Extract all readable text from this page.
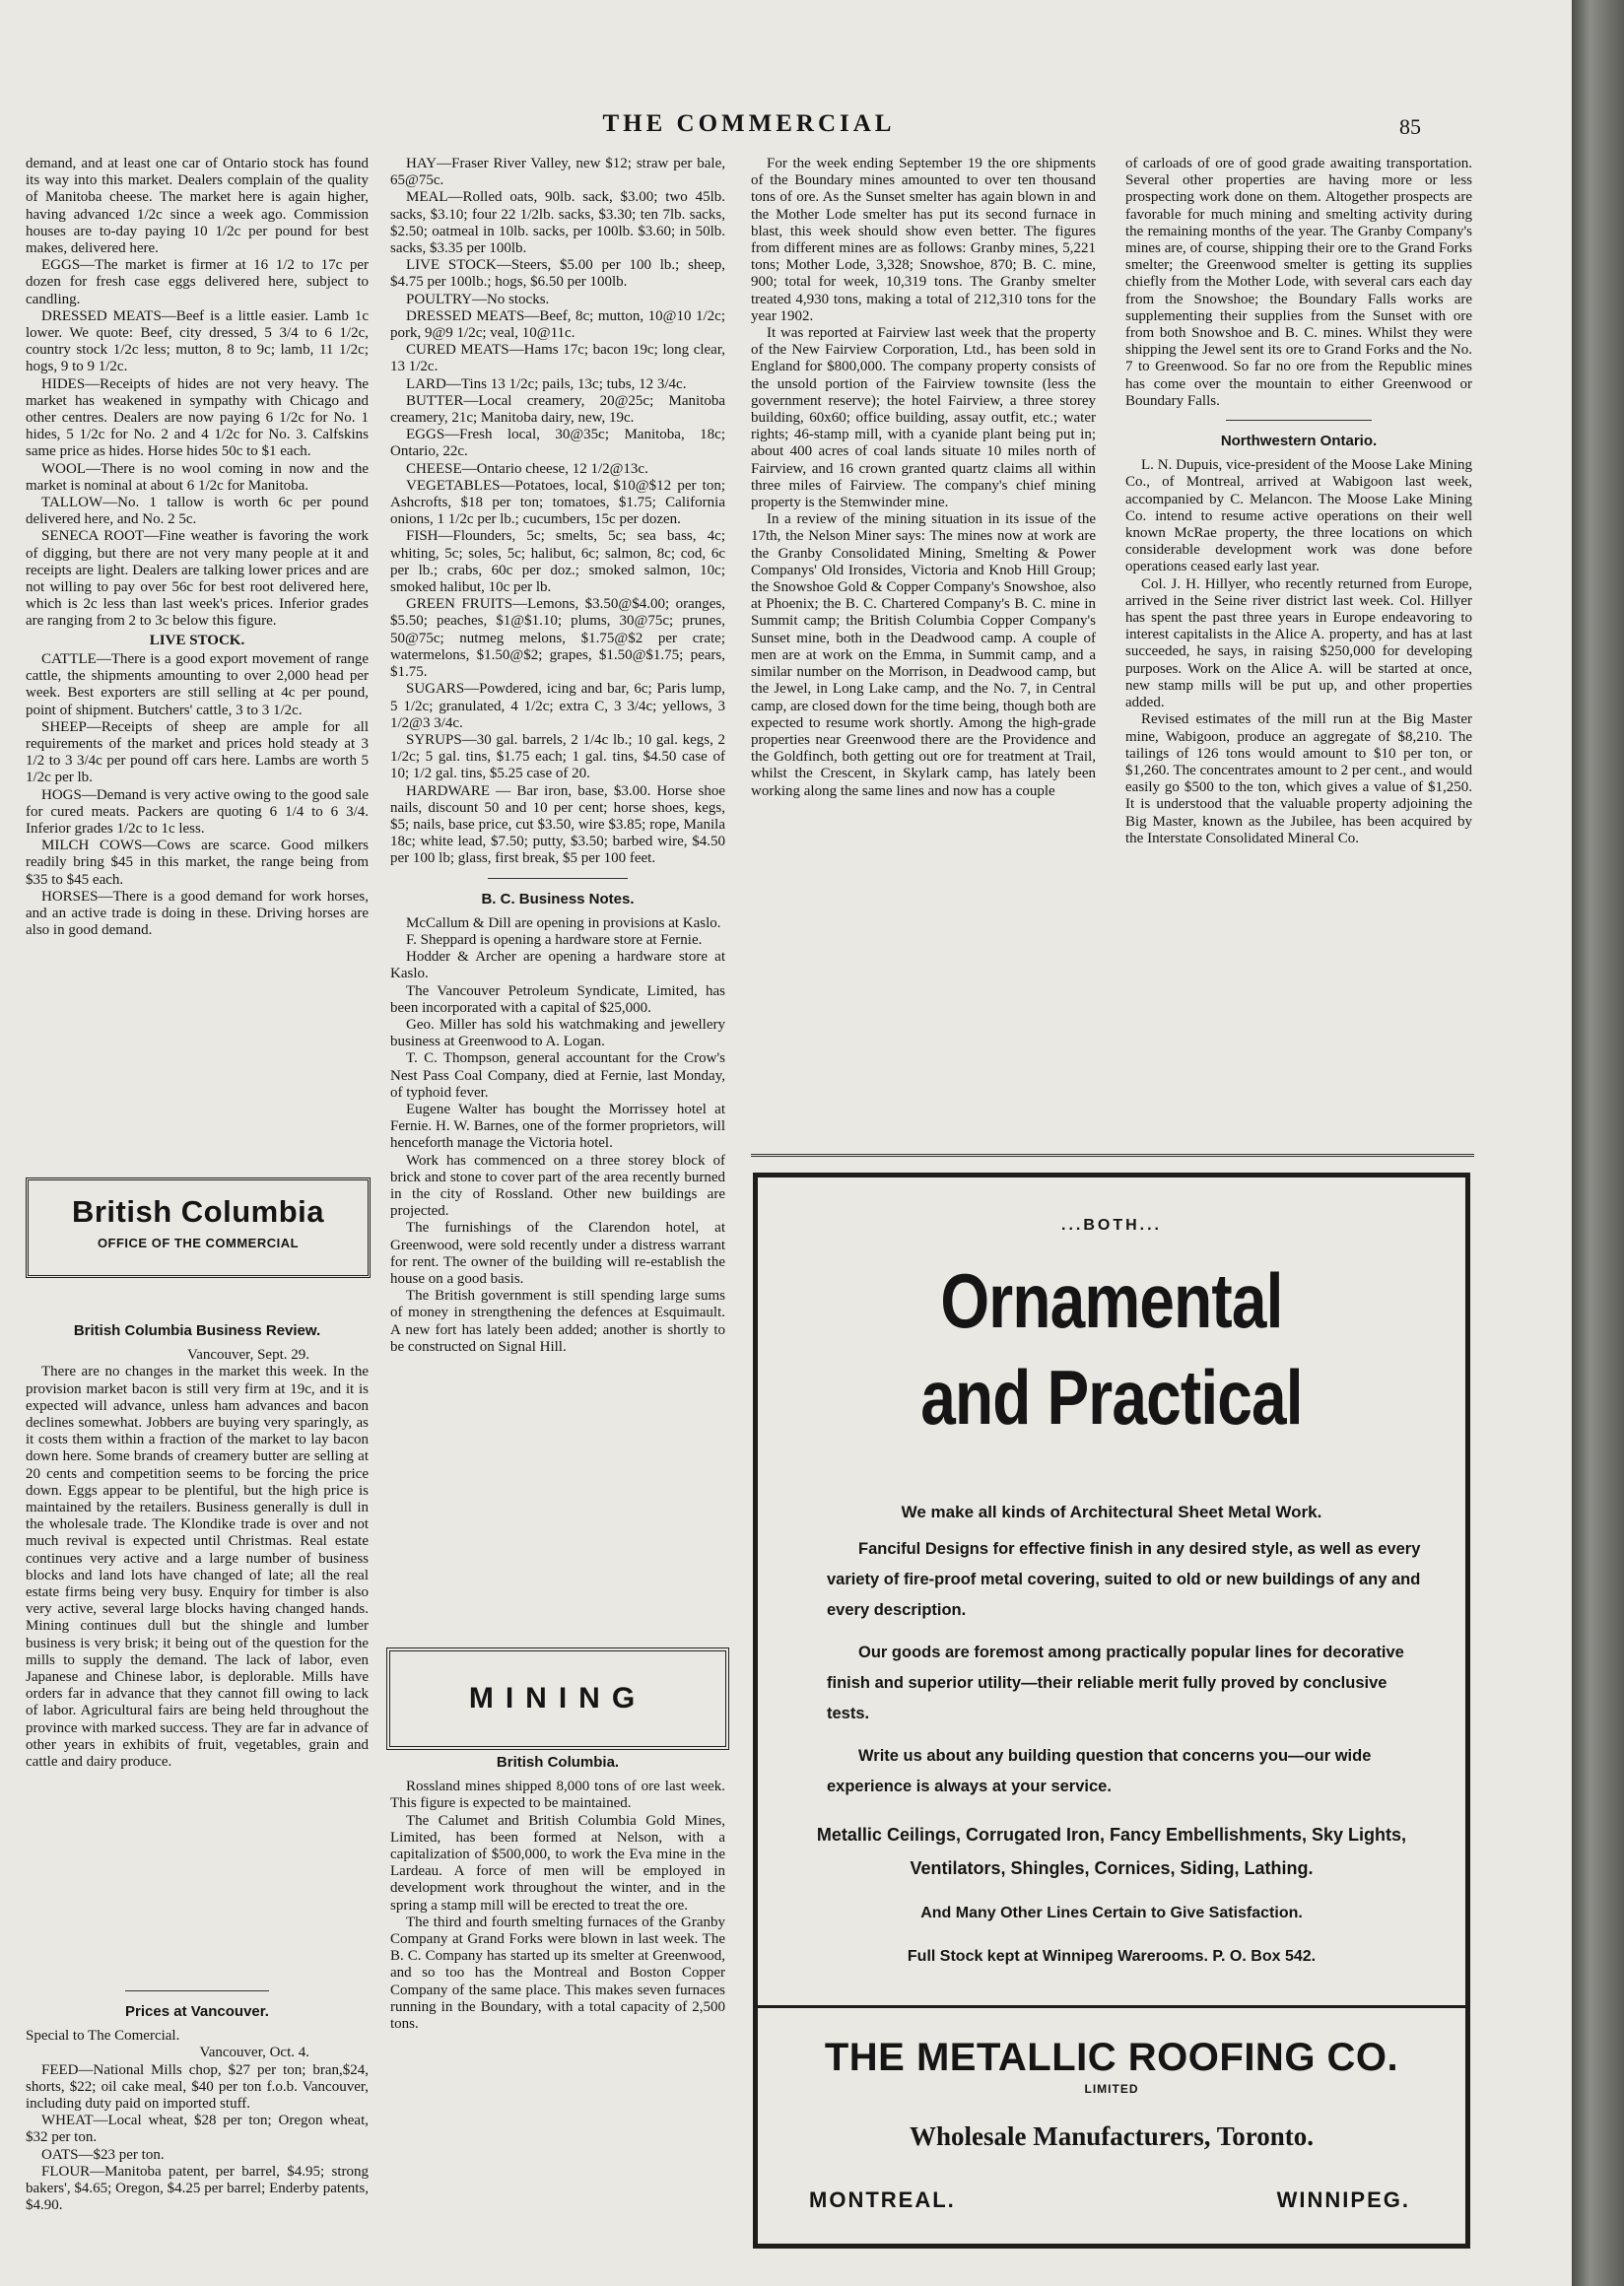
THE COMMERCIAL	85

demand, and at least one car of Ontario stock has found its way into this market. Dealers complain of the quality of Manitoba cheese. The market here is again higher, having advanced 1/2c since a week ago. Commission houses are to-day paying 10 1/2c per pound for best makes, delivered here.

EGGS—The market is firmer at 16 1/2 to 17c per dozen for fresh case eggs delivered here, subject to candling.

DRESSED MEATS—Beef is a little easier. Lamb 1c lower. We quote: Beef, city dressed, 5 3/4 to 6 1/2c, country stock 1/2c less; mutton, 8 to 9c; lamb, 11 1/2c; hogs, 9 to 9 1/2c.

HIDES—Receipts of hides are not very heavy. The market has weakened in sympathy with Chicago and other centres. Dealers are now paying 6 1/2c for No. 1 hides, 5 1/2c for No. 2 and 4 1/2c for No. 3. Calfskins same price as hides. Horse hides 50c to $1 each.

WOOL—There is no wool coming in now and the market is nominal at about 6 1/2c for Manitoba.

TALLOW—No. 1 tallow is worth 6c per pound delivered here, and No. 2 5c.

SENECA ROOT—Fine weather is favoring the work of digging, but there are not very many people at it and receipts are light. Dealers are talking lower prices and are not willing to pay over 56c for best root delivered here, which is 2c less than last week's prices. Inferior grades are ranging from 2 to 3c below this figure.

LIVE STOCK.

CATTLE—There is a good export movement of range cattle, the shipments amounting to over 2,000 head per week. Best exporters are still selling at 4c per pound, point of shipment. Butchers' cattle, 3 to 3 1/2c.

SHEEP—Receipts of sheep are ample for all requirements of the market and prices hold steady at 3 1/2 to 3 3/4c per pound off cars here. Lambs are worth 5 1/2c per lb.

HOGS—Demand is very active owing to the good sale for cured meats. Packers are quoting 6 1/4 to 6 3/4. Inferior grades 1/2c to 1c less.

MILCH COWS—Cows are scarce. Good milkers readily bring $45 in this market, the range being from $35 to $45 each.

HORSES—There is a good demand for work horses, and an active trade is doing in these. Driving horses are also in good demand.

British Columbia
OFFICE OF THE COMMERCIAL
British Columbia Business Review.

Vancouver, Sept. 29.

There are no changes in the market this week. In the provision market bacon is still very firm at 19c, and it is expected will advance, unless ham advances and bacon declines somewhat. Jobbers are buying very sparingly, as it costs them within a fraction of the market to lay bacon down here. Some brands of creamery butter are selling at 20 cents and competition seems to be forcing the price down. Eggs appear to be plentiful, but the high price is maintained by the retailers. Business generally is dull in the wholesale trade. The Klondike trade is over and not much revival is expected until Christmas. Real estate continues very active and a large number of business blocks and land lots have changed of late; all the real estate firms being very busy. Enquiry for timber is also very active, several large blocks having changed hands. Mining continues dull but the shingle and lumber business is very brisk; it being out of the question for the mills to supply the demand. The lack of labor, even Japanese and Chinese labor, is deplorable. Mills have orders far in advance that they cannot fill owing to lack of labor. Agricultural fairs are being held throughout the province with marked success. They are far in advance of other years in exhibits of fruit, vegetables, grain and cattle and dairy produce.

Prices at Vancouver.

Special to The Comercial.

Vancouver, Oct. 4.

FEED—National Mills chop, $27 per ton; bran,$24, shorts, $22; oil cake meal, $40 per ton f.o.b. Vancouver, including duty paid on imported stuff.

WHEAT—Local wheat, $28 per ton; Oregon wheat, $32 per ton.

OATS—$23 per ton.

FLOUR—Manitoba patent, per barrel, $4.95; strong bakers', $4.65; Oregon, $4.25 per barrel; Enderby patents, $4.90.

HAY—Fraser River Valley, new $12; straw per bale, 65@75c.

MEAL—Rolled oats, 90lb. sack, $3.00; two 45lb. sacks, $3.10; four 22 1/2lb. sacks, $3.30; ten 7lb. sacks, $2.50; oatmeal in 10lb. sacks, per 100lb. $3.60; in 50lb. sacks, $3.35 per 100lb.

LIVE STOCK—Steers, $5.00 per 100 lb.; sheep, $4.75 per 100lb.; hogs, $6.50 per 100lb.

POULTRY—No stocks.

DRESSED MEATS—Beef, 8c; mutton, 10@10 1/2c; pork, 9@9 1/2c; veal, 10@11c.

CURED MEATS—Hams 17c; bacon 19c; long clear, 13 1/2c.

LARD—Tins 13 1/2c; pails, 13c; tubs, 12 3/4c.

BUTTER—Local creamery, 20@25c; Manitoba creamery, 21c; Manitoba dairy, new, 19c.

EGGS—Fresh local, 30@35c; Manitoba, 18c; Ontario, 22c.

CHEESE—Ontario cheese, 12 1/2@13c.

VEGETABLES—Potatoes, local, $10@$12 per ton; Ashcrofts, $18 per ton; tomatoes, $1.75; California onions, 1 1/2c per lb.; cucumbers, 15c per dozen.

FISH—Flounders, 5c; smelts, 5c; sea bass, 4c; whiting, 5c; soles, 5c; halibut, 6c; salmon, 8c; cod, 6c per lb.; crabs, 60c per doz.; smoked salmon, 10c; smoked halibut, 10c per lb.

GREEN FRUITS—Lemons, $3.50@$4.00; oranges, $5.50; peaches, $1@$1.10; plums, 30@75c; prunes, 50@75c; nutmeg melons, $1.75@$2 per crate; watermelons, $1.50@$2; grapes, $1.50@$1.75; pears, $1.75.

SUGARS—Powdered, icing and bar, 6c; Paris lump, 5 1/2c; granulated, 4 1/2c; extra C, 3 3/4c; yellows, 3 1/2@3 3/4c.

SYRUPS—30 gal. barrels, 2 1/4c lb.; 10 gal. kegs, 2 1/2c; 5 gal. tins, $1.75 each; 1 gal. tins, $4.50 case of 10; 1/2 gal. tins, $5.25 case of 20.

HARDWARE — Bar iron, base, $3.00. Horse shoe nails, discount 50 and 10 per cent; horse shoes, kegs, $5; nails, base price, cut $3.50, wire $3.85; rope, Manila 18c; white lead, $7.50; putty, $3.50; barbed wire, $4.50 per 100 lb; glass, first break, $5 per 100 feet.

B. C. Business Notes.

McCallum & Dill are opening in provisions at Kaslo.

F. Sheppard is opening a hardware store at Fernie.

Hodder & Archer are opening a hardware store at Kaslo.

The Vancouver Petroleum Syndicate, Limited, has been incorporated with a capital of $25,000.

Geo. Miller has sold his watchmaking and jewellery business at Greenwood to A. Logan.

T. C. Thompson, general accountant for the Crow's Nest Pass Coal Company, died at Fernie, last Monday, of typhoid fever.

Eugene Walter has bought the Morrissey hotel at Fernie. H. W. Barnes, one of the former proprietors, will henceforth manage the Victoria hotel.

Work has commenced on a three storey block of brick and stone to cover part of the area recently burned in the city of Rossland. Other new buildings are projected.

The furnishings of the Clarendon hotel, at Greenwood, were sold recently under a distress warrant for rent. The owner of the building will re-establish the house on a good basis.

The British government is still spending large sums of money in strengthening the defences at Esquimault. A new fort has lately been added; another is shortly to be constructed on Signal Hill.

MINING
British Columbia.

Rossland mines shipped 8,000 tons of ore last week. This figure is expected to be maintained.

The Calumet and British Columbia Gold Mines, Limited, has been formed at Nelson, with a capitalization of $500,000, to work the Eva mine in the Lardeau. A force of men will be employed in development work throughout the winter, and in the spring a stamp mill will be erected to treat the ore.

The third and fourth smelting furnaces of the Granby Company at Grand Forks were blown in last week. The B. C. Company has started up its smelter at Greenwood, and so too has the Montreal and Boston Copper Company of the same place. This makes seven furnaces running in the Boundary, with a total capacity of 2,500 tons.

For the week ending September 19 the ore shipments of the Boundary mines amounted to over ten thousand tons of ore. As the Sunset smelter has again blown in and the Mother Lode smelter has put its second furnace in blast, this week should show even better. The figures from different mines are as follows: Granby mines, 5,221 tons; Mother Lode, 3,328; Snowshoe, 870; B. C. mine, 900; total for week, 10,319 tons. The Granby smelter treated 4,930 tons, making a total of 212,310 tons for the year 1902.

It was reported at Fairview last week that the property of the New Fairview Corporation, Ltd., has been sold in England for $800,000. The company property consists of the unsold portion of the Fairview townsite (less the government reserve); the hotel Fairview, a three storey building, 60x60; office building, assay outfit, etc.; water rights; 46-stamp mill, with a cyanide plant being put in; about 400 acres of coal lands situate 10 miles north of Fairview, and 16 crown granted quartz claims all within three miles of Fairview. The company's chief mining property is the Stemwinder mine.

In a review of the mining situation in its issue of the 17th, the Nelson Miner says: The mines now at work are the Granby Consolidated Mining, Smelting & Power Companys' Old Ironsides, Victoria and Knob Hill Group; the Snowshoe Gold & Copper Company's Snowshoe, also at Phoenix; the B. C. Chartered Company's B. C. mine in Summit camp; the British Columbia Copper Company's Sunset mine, both in the Deadwood camp. A couple of men are at work on the Emma, in Summit camp, and a similar number on the Morrison, in Deadwood camp, but the Jewel, in Long Lake camp, and the No. 7, in Central camp, are closed down for the time being, though both are expected to resume work shortly. Among the high-grade properties near Greenwood there are the Providence and the Goldfinch, both getting out ore for treatment at Trail, whilst the Crescent, in Skylark camp, has lately been working along the same lines and now has a couple

of carloads of ore of good grade awaiting transportation. Several other properties are having more or less prospecting work done on them. Altogether prospects are favorable for much mining and smelting activity during the remaining months of the year. The Granby Company's mines are, of course, shipping their ore to the Grand Forks smelter; the Greenwood smelter is getting its supplies chiefly from the Mother Lode, with several cars each day from the Snowshoe; the Boundary Falls works are supplementing their supplies from the Sunset with ore from both Snowshoe and B. C. mines. Whilst they were shipping the Jewel sent its ore to Grand Forks and the No. 7 to Greenwood. So far no ore from the Republic mines has come over the mountain to either Greenwood or Boundary Falls.

Northwestern Ontario.

L. N. Dupuis, vice-president of the Moose Lake Mining Co., of Montreal, arrived at Wabigoon last week, accompanied by C. Melancon. The Moose Lake Mining Co. intend to resume active operations on their well known McRae property, the three locations on which considerable development work was done before operations ceased early last year.

Col. J. H. Hillyer, who recently returned from Europe, arrived in the Seine river district last week. Col. Hillyer has spent the past three years in Europe endeavoring to interest capitalists in the Alice A. property, and has at last succeeded, he says, in raising $250,000 for developing purposes. Work on the Alice A. will be started at once, new stamp mills will be put up, and other properties added.

Revised estimates of the mill run at the Big Master mine, Wabigoon, produce an aggregate of $8,210. The tailings of 126 tons would amount to $10 per ton, or $1,260. The concentrates amount to 2 per cent., and would easily go $500 to the ton, which gives a value of $1,250. It is understood that the valuable property adjoining the Big Master, known as the Jubilee, has been acquired by the Interstate Consolidated Mineral Co.

...BOTH...
Ornamental
and Practical
We make all kinds of Architectural Sheet Metal Work.
Fanciful Designs for effective finish in any desired style, as well as every variety of fire-proof metal covering, suited to old or new buildings of any and every description.
Our goods are foremost among practically popular lines for decorative finish and superior utility—their reliable merit fully proved by conclusive tests.
Write us about any building question that concerns you—our wide experience is always at your service.
Metallic Ceilings, Corrugated Iron, Fancy Embellishments, Sky Lights, Ventilators, Shingles, Cornices, Siding, Lathing.
And Many Other Lines Certain to Give Satisfaction.
Full Stock kept at Winnipeg Warerooms. P. O. Box 542.
THE METALLIC ROOFING CO.
LIMITED
Wholesale Manufacturers, Toronto.
MONTREAL.	WINNIPEG.
